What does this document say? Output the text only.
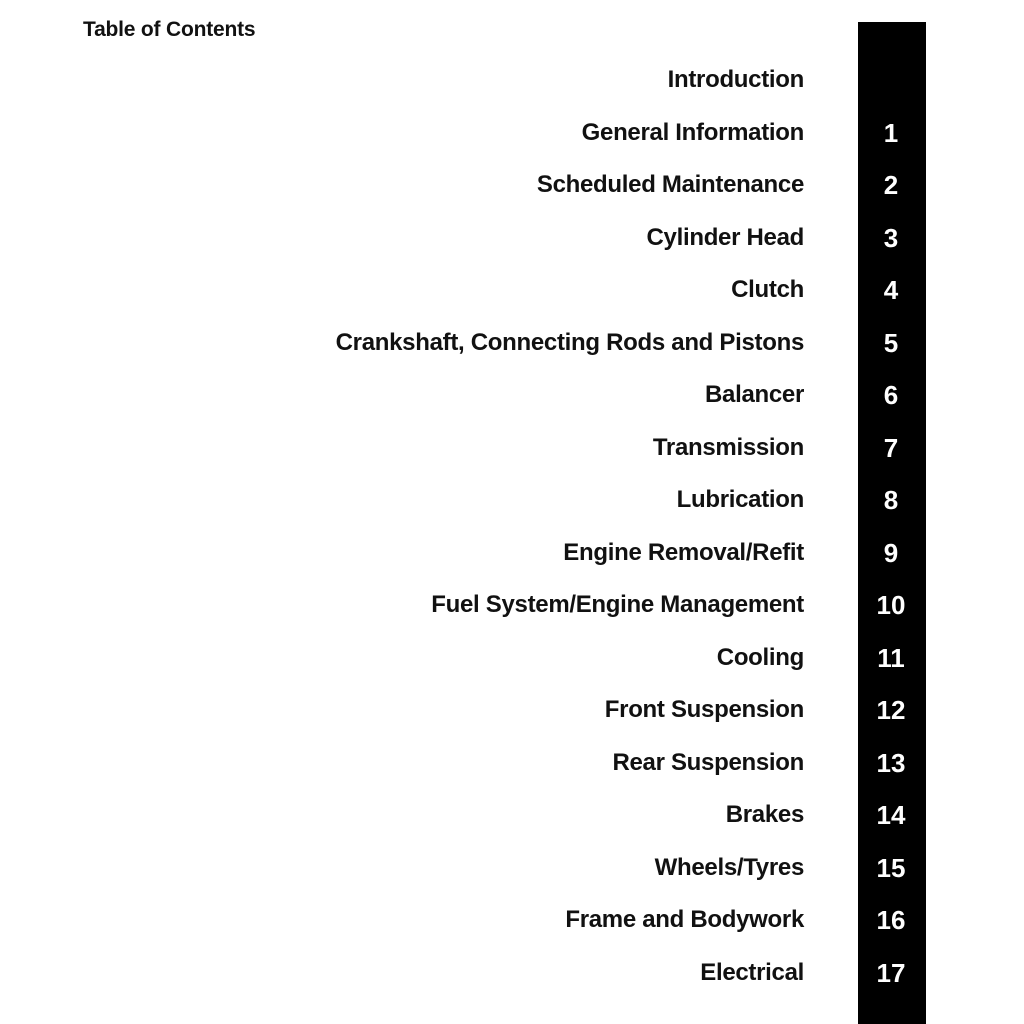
Table of Contents
Introduction
General Information	1
Scheduled Maintenance	2
Cylinder Head	3
Clutch	4
Crankshaft, Connecting Rods and Pistons	5
Balancer	6
Transmission	7
Lubrication	8
Engine Removal/Refit	9
Fuel System/Engine Management	10
Cooling	11
Front Suspension	12
Rear Suspension	13
Brakes	14
Wheels/Tyres	15
Frame and Bodywork	16
Electrical	17
